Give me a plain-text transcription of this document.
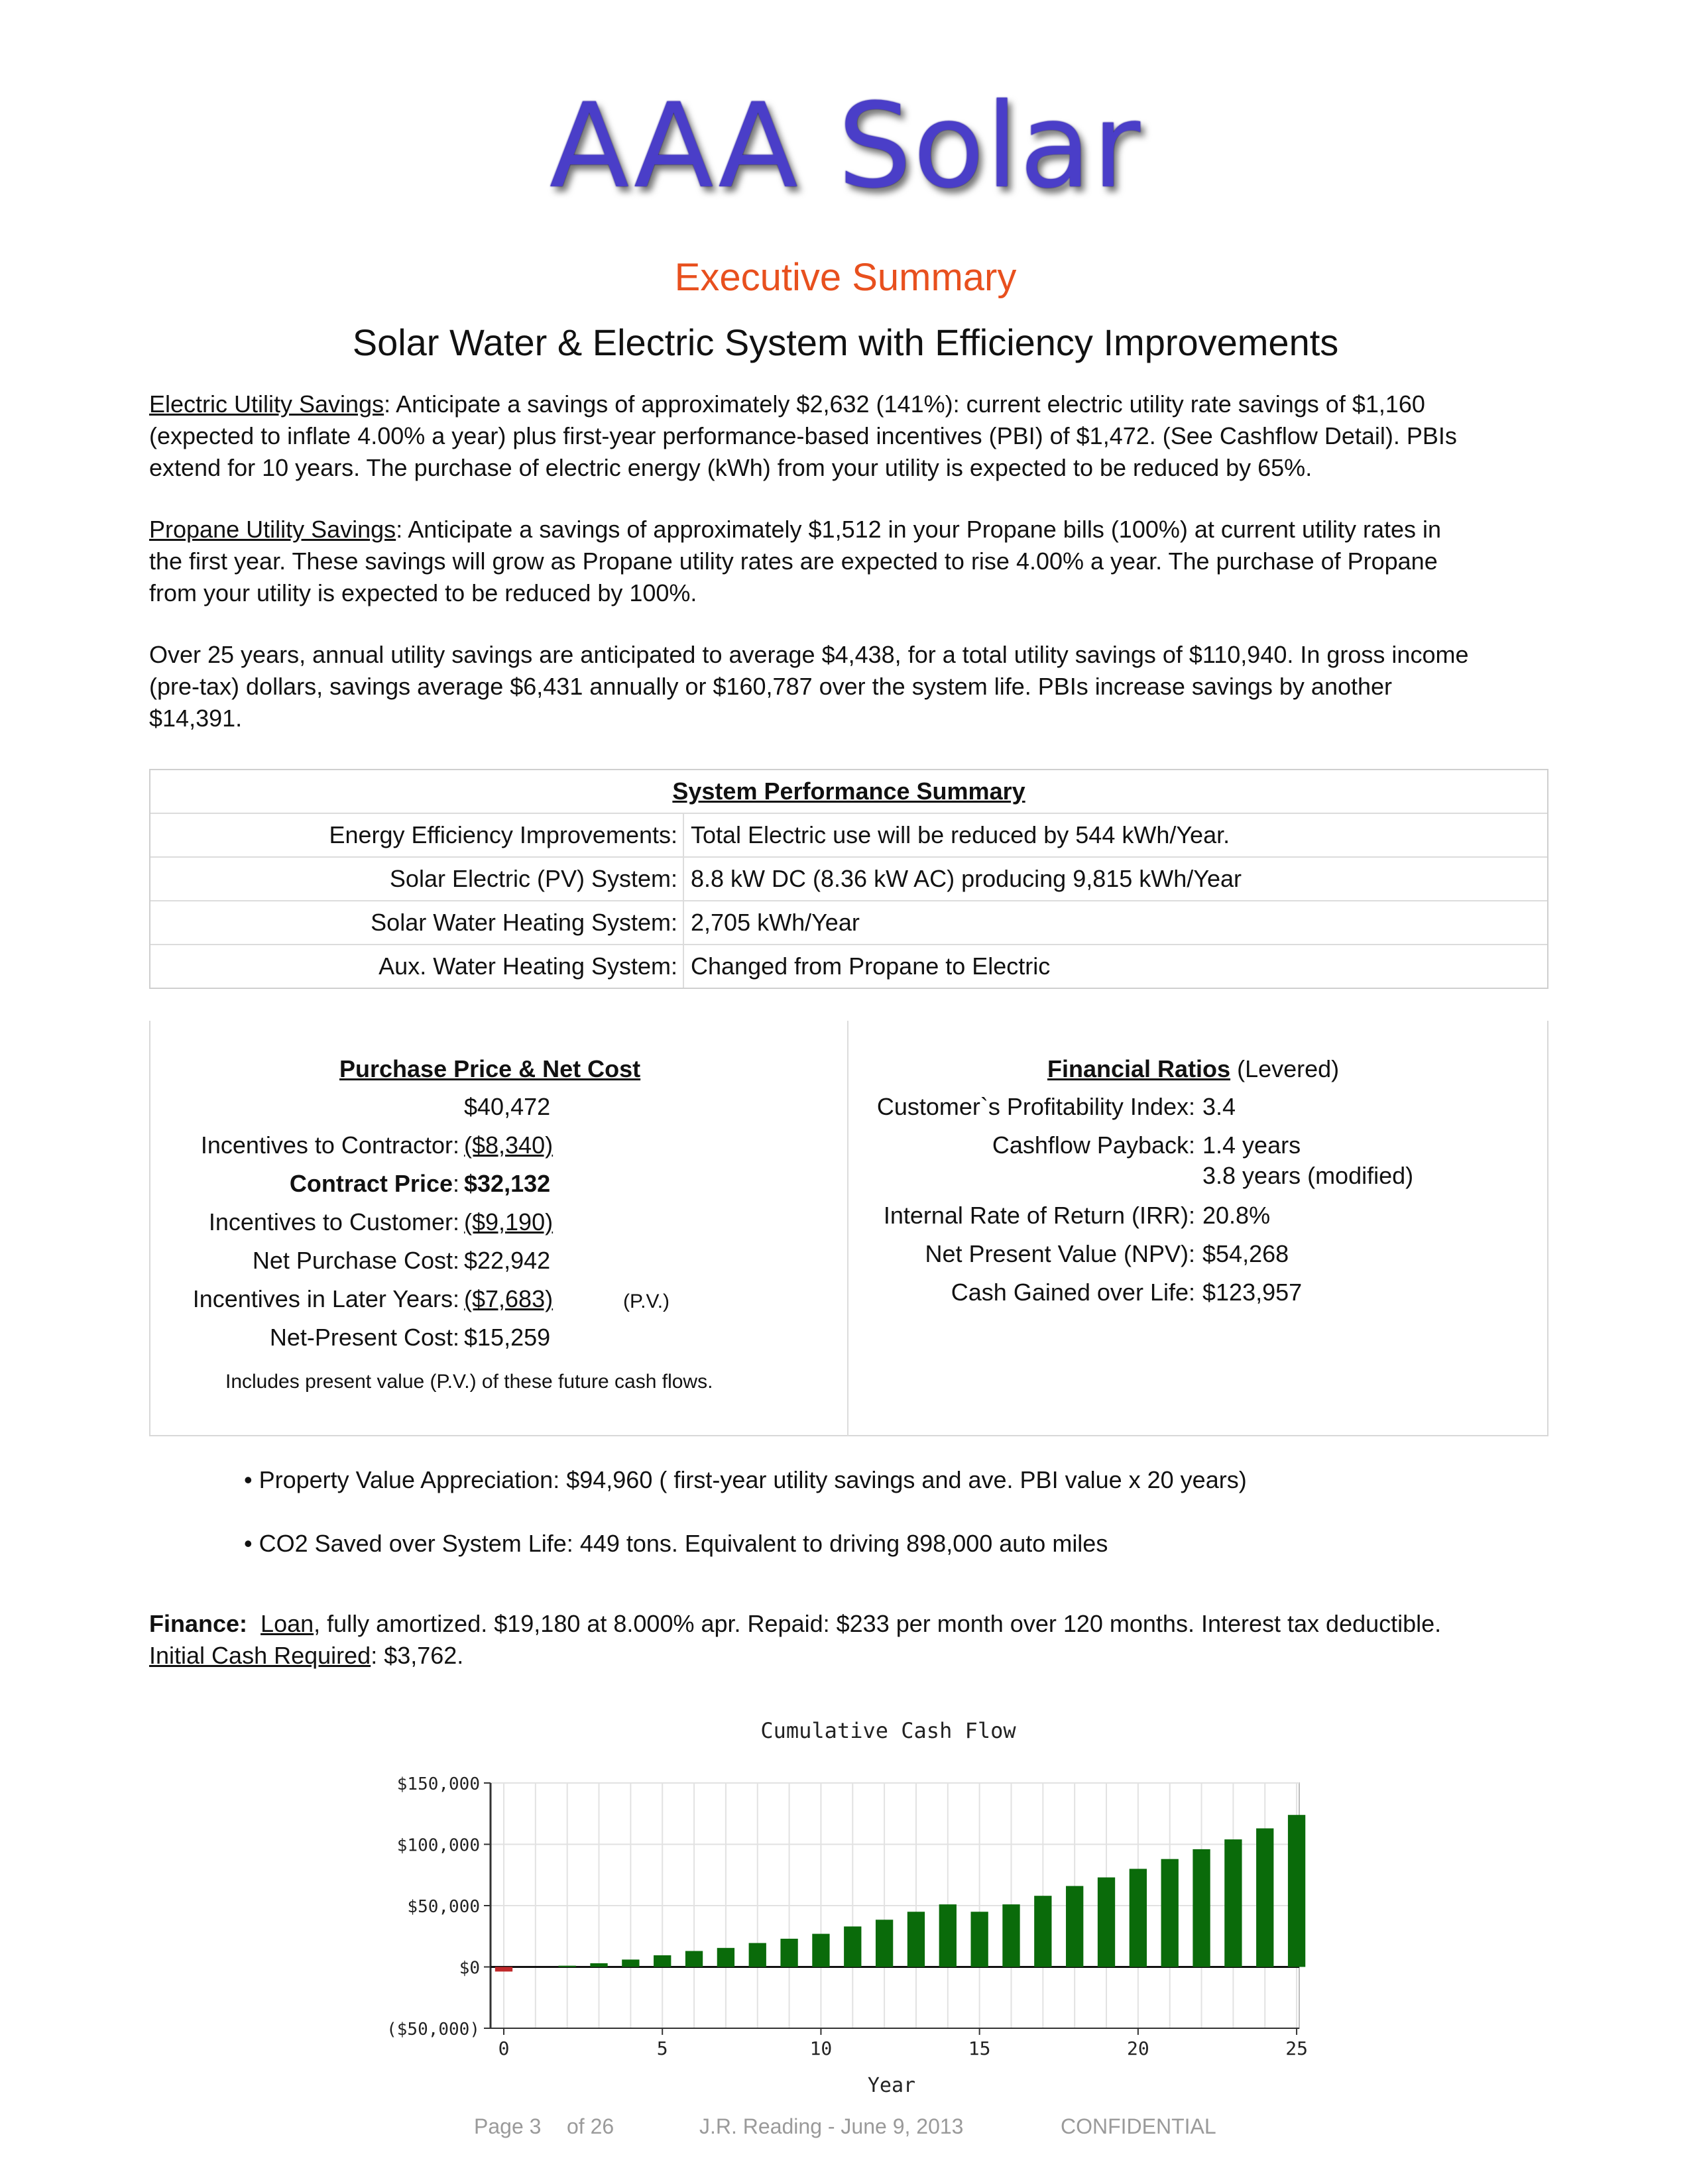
AAA Solar
Executive Summary
Solar Water & Electric System with Efficiency Improvements
Electric Utility Savings: Anticipate a savings of approximately $2,632 (141%): current electric utility rate savings of $1,160
(expected to inflate 4.00% a year) plus first-year performance-based incentives (PBI) of $1,472. (See Cashflow Detail). PBIs
extend for 10 years. The purchase of electric energy (kWh) from your utility is expected to be reduced by 65%.
Propane Utility Savings: Anticipate a savings of approximately $1,512 in your Propane bills (100%) at current utility rates in
the first year. These savings will grow as Propane utility rates are expected to rise 4.00% a year. The purchase of Propane
from your utility is expected to be reduced by 100%.
Over 25 years, annual utility savings are anticipated to average $4,438, for a total utility savings of $110,940. In gross income
(pre-tax) dollars, savings average $6,431 annually or $160,787 over the system life. PBIs increase savings by another
$14,391.
System Performance Summary
Energy Efficiency Improvements: Total Electric use will be reduced by 544 kWh/Year.
Solar Electric (PV) System: 8.8 kW DC (8.36 kW AC) producing 9,815 kWh/Year
Solar Water Heating System: 2,705 kWh/Year
Aux. Water Heating System: Changed from Propane to Electric
Purchase Price & Net Cost
$40,472
Incentives to Contractor: ($8,340)
Contract Price: $32,132
Incentives to Customer: ($9,190)
Net Purchase Cost: $22,942
Incentives in Later Years: ($7,683)	(P.V.)
Net-Present Cost: $15,259
Includes present value (P.V.) of these future cash flows.
Financial Ratios (Levered)
Customer`s Profitability Index: 3.4
Cashflow Payback: 1.4 years
3.8 years (modified)
Internal Rate of Return (IRR): 20.8%
Net Present Value (NPV): $54,268
Cash Gained over Life: $123,957
• Property Value Appreciation: $94,960 ( first-year utility savings and ave. PBI value x 20 years)
• CO2 Saved over System Life: 449 tons. Equivalent to driving 898,000 auto miles
Finance: Loan, fully amortized. $19,180 at 8.000% apr. Repaid: $233 per month over 120 months. Interest tax deductible.
Initial Cash Required: $3,762.
Cumulative Cash Flow
Year
$150,000
$100,000
$50,000
$0
($50,000)
0	5	10	15	20	25
Page 3 of 26	J.R. Reading - June 9, 2013	CONFIDENTIAL
